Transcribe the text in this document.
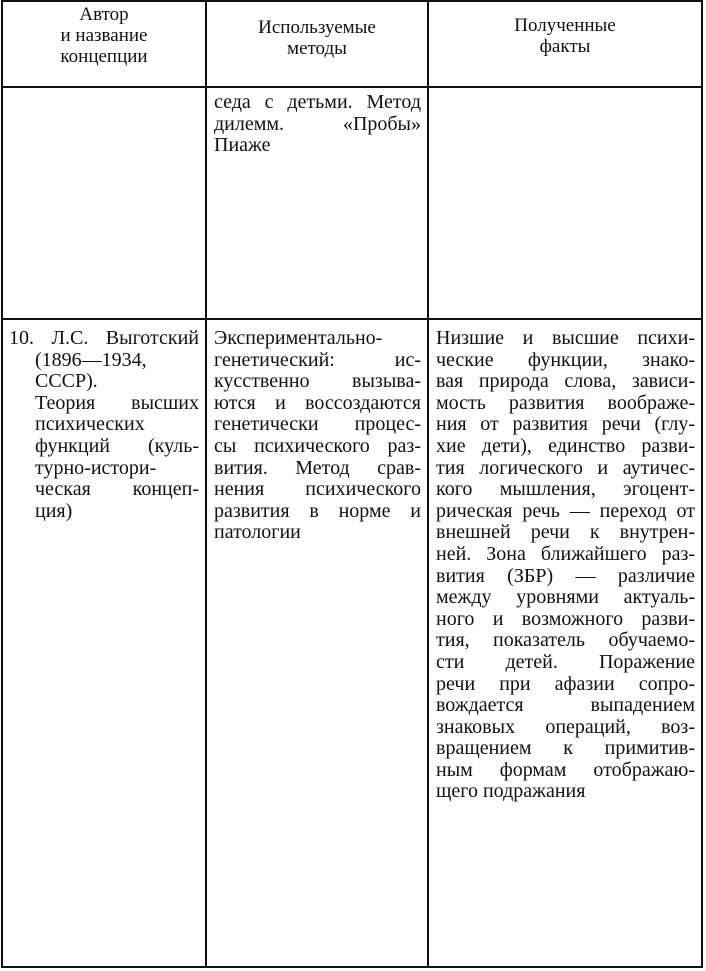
Автор
и название
концепции
Используемые
методы
Полученные
факты
седа с детьми. Метод
дилемм. «Пробы»
Пиаже
10. Л.С. Выготский
(1896—1934,
СССР).
Теория высших
психических
функций (куль-
турно-истори-
ческая концеп-
ция)
Экспериментально-
генетический: ис-
кусственно вызыва-
ются и воссоздаются
генетически процес-
сы психического раз-
вития. Метод срав-
нения психического
развития в норме и
патологии
Низшие и высшие психи-
ческие функции, знако-
вая природа слова, зависи-
мость развития воображе-
ния от развития речи (глу-
хие дети), единство разви-
тия логического и аутичес-
кого мышления, эгоцент-
рическая речь — переход от
внешней речи к внутрен-
ней. Зона ближайшего раз-
вития (ЗБР) — различие
между уровнями актуаль-
ного и возможного разви-
тия, показатель обучаемо-
сти детей. Поражение
речи при афазии сопро-
вождается выпадением
знаковых операций, воз-
вращением к примитив-
ным формам отображаю-
щего подражания
